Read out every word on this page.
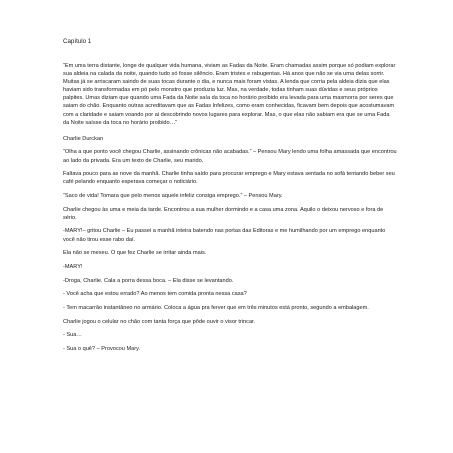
Capítulo 1

“Em uma terra distante, longe de qualquer vida humana, viviam as Fadas da Noite. Eram chamadas assim porque só podiam explorar sua aldeia na calada da noite, quando tudo só fosse silêncio. Eram tristes e rabugentas. Há anos que não se via uma delas sorrir. Muitas já se arriscaram saindo de suas tocas durante o dia, e nunca mais foram vistas. A lenda que corria pela aldeia dizia que elas haviam sido transformadas em pó pelo monstro que produzia luz. Mas, na verdade, todas tinham suas dúvidas e seus próprios palpites. Umas diziam que quando uma Fada da Noite saía da toca no horário proibido era levada para uma masmorra por seres que saiam do chão. Enquanto outras acreditavam que as Fadas Infelizes, como eram conhecidas, ficavam bem depois que acostumavam com a claridade e saiam voando por ai descobrindo novos lugares para explorar. Mas, o que elas não sabiam era que se uma Fada da Noite saísse da toca no horário proibido…”

Charlie Durckan

“Olha a que ponto você chegou Charlie, assinando crônicas não acabadas.” – Pensou Mary lendo uma folha amassada que encontrou ao lado da privada. Era um texto de Charlie, seu marido.

Faltava pouco para as nove da manhã. Charlie tinha saído para procurar emprego e Mary estava sentada no sofá tentando beber seu café pelando enquanto esperava começar o noticiário.

“Saco de vida! Tomara que pelo menos aquele infeliz consiga emprego.” – Pensou Mary.

Charlie chegou às uma e meia da tarde. Encontrou a sua mulher dormindo e a casa uma zona. Aquilo o deixou nervoso e fora de sério.

-MARY!– gritou Charlie – Eu passei a manhã inteira batendo nas portas das Editoras e me humilhando por um emprego enquanto você não tirou esse rabo daí.

Ela não se mexeu. O que fez Charlie se irritar ainda mais.

-MARY!

-Droga, Charlie. Cala a porra dessa boca. – Ela disse se levantando.

- Você acha que estou errado? Ao menos tem comida pronta nessa casa?

- Tem macarrão instantâneo no armário. Coloca a água pra ferver que em três minutos está pronto, segundo a embalagem.

Charlie jogou o celular no chão com tanta força que pôde ouvir o visor trincar.

- Sua…

- Sua o quê? – Provocou Mary.
